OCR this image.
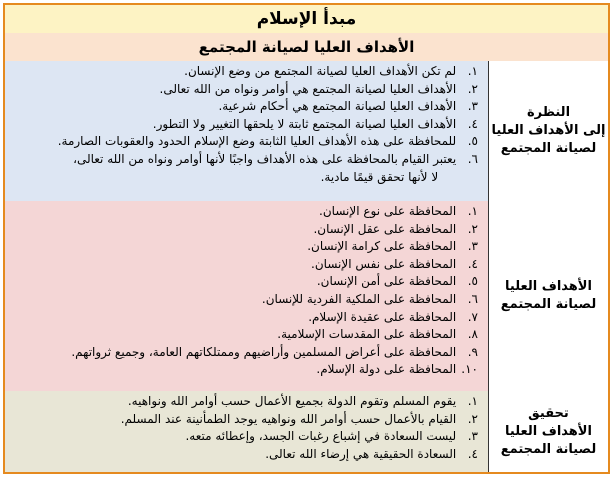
مبدأ الإسلام
الأهداف العليا لصيانة المجتمع
النظرة
إلى الأهداف العليا
لصيانة المجتمع
١. لم تكن الأهداف العليا لصيانة المجتمع من وضع الإنسان.
٢. الأهداف العليا لصيانة المجتمع هي أوامر ونواه من الله تعالى.
٣. الأهداف العليا لصيانة المجتمع هي أحكام شرعية.
٤. الأهداف العليا لصيانة المجتمع ثابتة لا يلحقها التغيير ولا التطور.
٥. للمحافظة على هذه الأهداف العليا الثابتة وضع الإسلام الحدود والعقوبات الصارمة.
٦. يعتبر القيام بالمحافظة على هذه الأهداف واجبًا لأنها أوامر ونواه من الله تعالى،
لا لأنها تحقق قيمًا مادية.
الأهداف العليا
لصيانة المجتمع
١. المحافظة على نوع الإنسان.
٢. المحافظة على عقل الإنسان.
٣. المحافظة على كرامة الإنسان.
٤. المحافظة على نفس الإنسان.
٥. المحافظة على أمن الإنسان.
٦. المحافظة على الملكية الفردية للإنسان.
٧. المحافظة على عقيدة الإسلام.
٨. المحافظة على المقدسات الإسلامية.
٩. المحافظة على أعراض المسلمين وأراضيهم وممتلكاتهم العامة، وجميع ثرواتهم.
١٠. المحافظة على دولة الإسلام.
تحقيق
الأهداف العليا
لصيانة المجتمع
١. يقوم المسلم وتقوم الدولة بجميع الأعمال حسب أوامر الله ونواهيه.
٢. القيام بالأعمال حسب أوامر الله ونواهيه يوجد الطمأنينة عند المسلم.
٣. ليست السعادة في إشباع رغبات الجسد، وإعطائه متعه.
٤. السعادة الحقيقية هي إرضاء الله تعالى.
